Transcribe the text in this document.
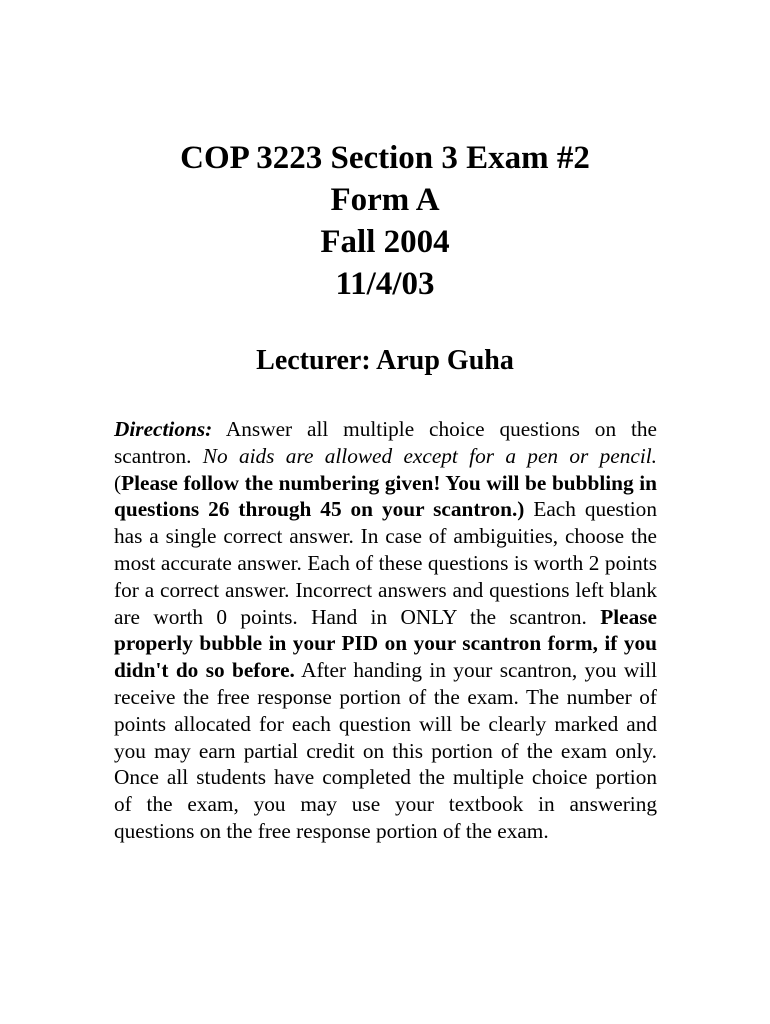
COP 3223 Section 3 Exam #2
Form A
Fall 2004
11/4/03
Lecturer: Arup Guha

Directions: Answer all multiple choice questions on the scantron. No aids are allowed except for a pen or pencil. (Please follow the numbering given! You will be bubbling in questions 26 through 45 on your scantron.) Each question has a single correct answer. In case of ambiguities, choose the most accurate answer. Each of these questions is worth 2 points for a correct answer. Incorrect answers and questions left blank are worth 0 points. Hand in ONLY the scantron. Please properly bubble in your PID on your scantron form, if you didn't do so before. After handing in your scantron, you will receive the free response portion of the exam. The number of points allocated for each question will be clearly marked and you may earn partial credit on this portion of the exam only. Once all students have completed the multiple choice portion of the exam, you may use your textbook in answering questions on the free response portion of the exam.
